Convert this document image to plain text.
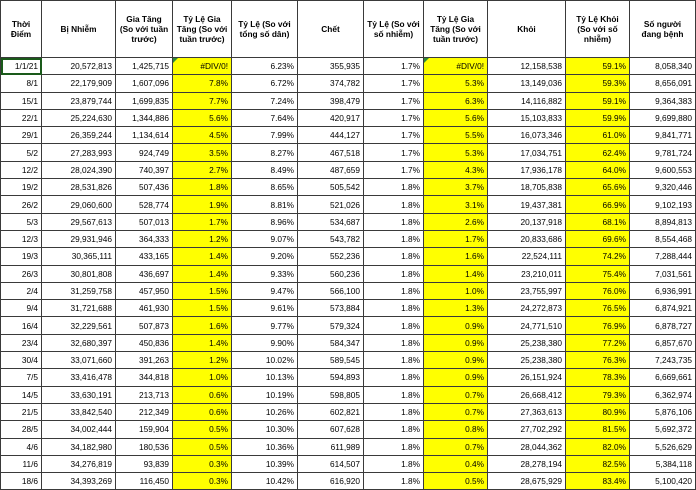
Thời Điểm	Bị Nhiễm	Gia Tăng (So với tuần trước)	Tỷ Lệ Gia Tăng (So với tuần trước)	Tỷ Lệ (So với tổng số dân)	Chết	Tỷ Lệ (So với số nhiễm)	Tỷ Lệ Gia Tăng (So với tuần trước)	Khỏi	Tỷ Lệ Khỏi (So với số nhiễm)	Số người đang bệnh
1/1/21	20,572,813	1,425,715	#DIV/0!	6.23%	355,935	1.7%	#DIV/0!	12,158,538	59.1%	8,058,340
8/1	22,179,909	1,607,096	7.8%	6.72%	374,782	1.7%	5.3%	13,149,036	59.3%	8,656,091
15/1	23,879,744	1,699,835	7.7%	7.24%	398,479	1.7%	6.3%	14,116,882	59.1%	9,364,383
22/1	25,224,630	1,344,886	5.6%	7.64%	420,917	1.7%	5.6%	15,103,833	59.9%	9,699,880
29/1	26,359,244	1,134,614	4.5%	7.99%	444,127	1.7%	5.5%	16,073,346	61.0%	9,841,771
5/2	27,283,993	924,749	3.5%	8.27%	467,518	1.7%	5.3%	17,034,751	62.4%	9,781,724
12/2	28,024,390	740,397	2.7%	8.49%	487,659	1.7%	4.3%	17,936,178	64.0%	9,600,553
19/2	28,531,826	507,436	1.8%	8.65%	505,542	1.8%	3.7%	18,705,838	65.6%	9,320,446
26/2	29,060,600	528,774	1.9%	8.81%	521,026	1.8%	3.1%	19,437,381	66.9%	9,102,193
5/3	29,567,613	507,013	1.7%	8.96%	534,687	1.8%	2.6%	20,137,918	68.1%	8,894,813
12/3	29,931,946	364,333	1.2%	9.07%	543,782	1.8%	1.7%	20,833,686	69.6%	8,554,468
19/3	30,365,111	433,165	1.4%	9.20%	552,236	1.8%	1.6%	22,524,111	74.2%	7,288,444
26/3	30,801,808	436,697	1.4%	9.33%	560,236	1.8%	1.4%	23,210,011	75.4%	7,031,561
2/4	31,259,758	457,950	1.5%	9.47%	566,100	1.8%	1.0%	23,755,997	76.0%	6,936,991
9/4	31,721,688	461,930	1.5%	9.61%	573,884	1.8%	1.3%	24,272,873	76.5%	6,874,921
16/4	32,229,561	507,873	1.6%	9.77%	579,324	1.8%	0.9%	24,771,510	76.9%	6,878,727
23/4	32,680,397	450,836	1.4%	9.90%	584,347	1.8%	0.9%	25,238,380	77.2%	6,857,670
30/4	33,071,660	391,263	1.2%	10.02%	589,545	1.8%	0.9%	25,238,380	76.3%	7,243,735
7/5	33,416,478	344,818	1.0%	10.13%	594,893	1.8%	0.9%	26,151,924	78.3%	6,669,661
14/5	33,630,191	213,713	0.6%	10.19%	598,805	1.8%	0.7%	26,668,412	79.3%	6,362,974
21/5	33,842,540	212,349	0.6%	10.26%	602,821	1.8%	0.7%	27,363,613	80.9%	5,876,106
28/5	34,002,444	159,904	0.5%	10.30%	607,628	1.8%	0.8%	27,702,292	81.5%	5,692,372
4/6	34,182,980	180,536	0.5%	10.36%	611,989	1.8%	0.7%	28,044,362	82.0%	5,526,629
11/6	34,276,819	93,839	0.3%	10.39%	614,507	1.8%	0.4%	28,278,194	82.5%	5,384,118
18/6	34,393,269	116,450	0.3%	10.42%	616,920	1.8%	0.5%	28,675,929	83.4%	5,100,420
